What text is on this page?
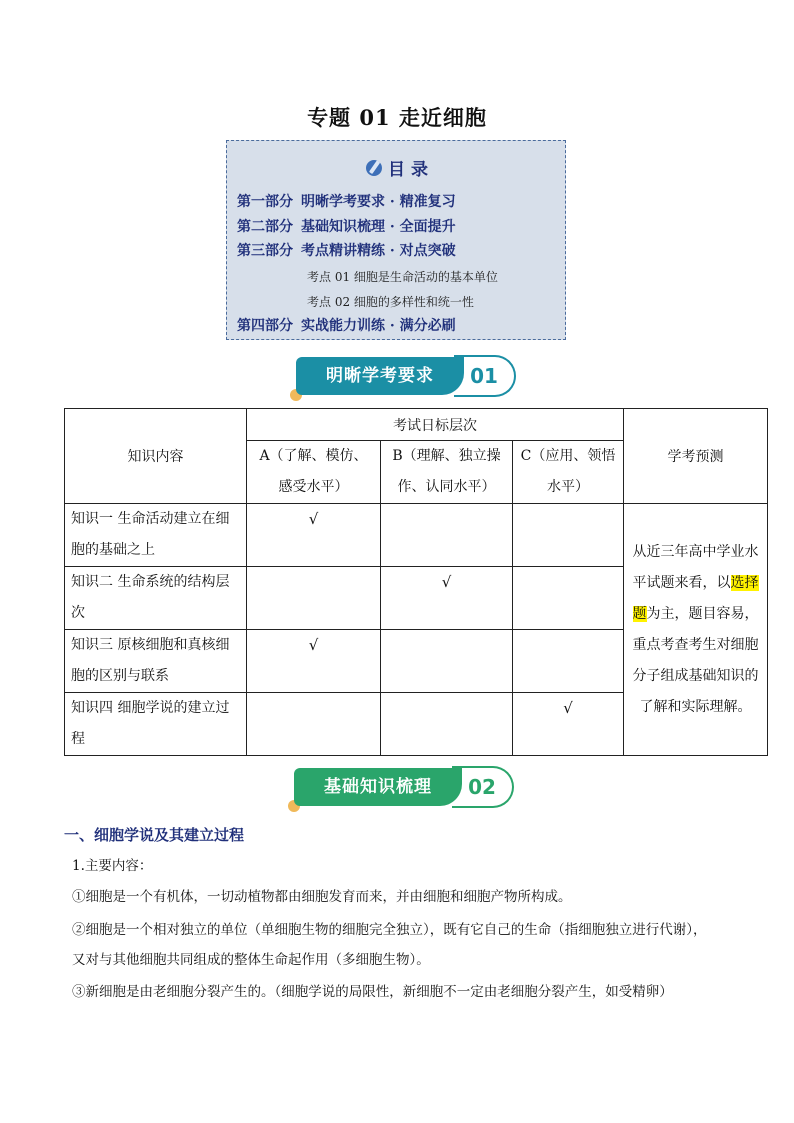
专题 01 走近细胞
目 录
第一部分 明晰学考要求 · 精准复习
第二部分 基础知识梳理 · 全面提升
第三部分 考点精讲精练 · 对点突破
考点 01 细胞是生命活动的基本单位
考点 02 细胞的多样性和统一性
第四部分 实战能力训练 · 满分必刷
01
明晰学考要求
知识内容	考试日标层次			学考预测
	A（了解、模仿、感受水平）	B（理解、独立操作、认同水平）	C（应用、领悟水平）	
知识一 生命活动建立在细胞的基础之上	√			从近三年高中学业水平试题来看，以选择题为主，题目容易，重点考查考生对细胞分子组成基础知识的了解和实际理解。
知识二 生命系统的结构层次		√		
知识三 原核细胞和真核细胞的区别与联系	√			
知识四 细胞学说的建立过程			√	
02
基础知识梳理
一、细胞学说及其建立过程
1.主要内容：
①细胞是一个有机体，一切动植物都由细胞发育而来，并由细胞和细胞产物所构成。
②细胞是一个相对独立的单位（单细胞生物的细胞完全独立），既有它自己的生命（指细胞独立进行代谢），
又对与其他细胞共同组成的整体生命起作用（多细胞生物）。
③新细胞是由老细胞分裂产生的。（细胞学说的局限性，新细胞不一定由老细胞分裂产生，如受精卵）
